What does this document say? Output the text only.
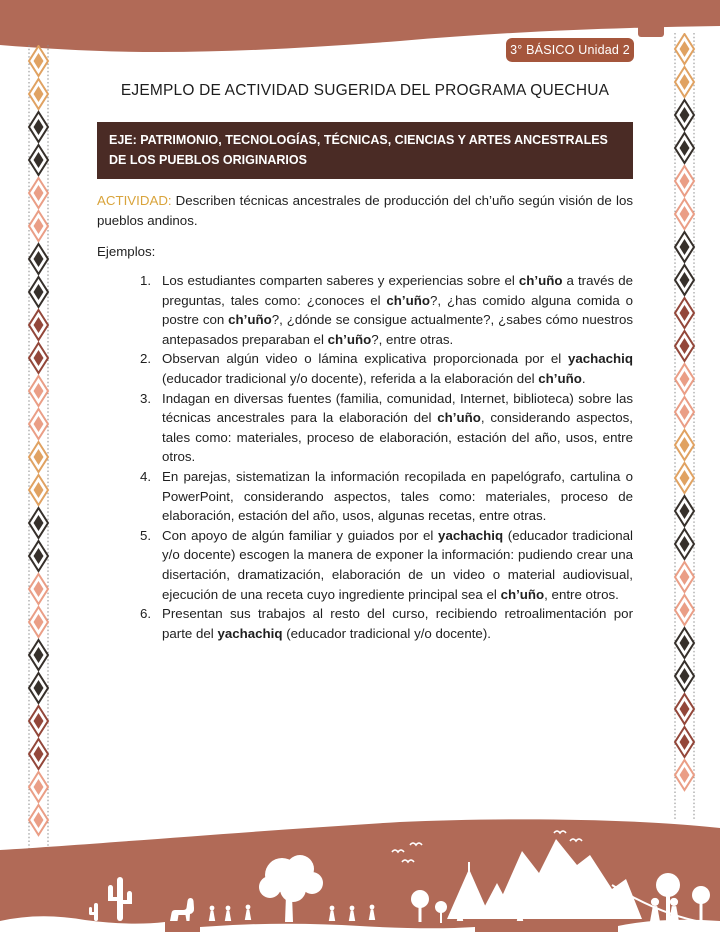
3° BÁSICO Unidad 2
EJEMPLO DE ACTIVIDAD SUGERIDA DEL PROGRAMA QUECHUA
EJE: PATRIMONIO, TECNOLOGÍAS, TÉCNICAS, CIENCIAS Y ARTES ANCESTRALES DE LOS PUEBLOS ORIGINARIOS

ACTIVIDAD: Describen técnicas ancestrales de producción del ch’uño según visión de los pueblos andinos.

Ejemplos:
Los estudiantes comparten saberes y experiencias sobre el ch’uño a través de preguntas, tales como: ¿conoces el ch’uño?, ¿has comido alguna comida o postre con ch’uño?, ¿dónde se consigue actualmente?, ¿sabes cómo nuestros antepasados preparaban el ch’uño?, entre otras.
Observan algún video o lámina explicativa proporcionada por el yachachiq (educador tradicional y/o docente), referida a la elaboración del ch’uño.
Indagan en diversas fuentes (familia, comunidad, Internet, biblioteca) sobre las técnicas ancestrales para la elaboración del ch’uño, considerando aspectos, tales como: materiales, proceso de elaboración, estación del año, usos, entre otros.
En parejas, sistematizan la información recopilada en papelógrafo, cartulina o PowerPoint, considerando aspectos, tales como: materiales, proceso de elaboración, estación del año, usos, algunas recetas, entre otras.
Con apoyo de algún familiar y guiados por el yachachiq (educador tradicional y/o docente) escogen la manera de exponer la información: pudiendo crear una disertación, dramatización, elaboración de un video o material audiovisual, ejecución de una receta cuyo ingrediente principal sea el ch’uño, entre otros.
Presentan sus trabajos al resto del curso, recibiendo retroalimentación por parte del yachachiq (educador tradicional y/o docente).
